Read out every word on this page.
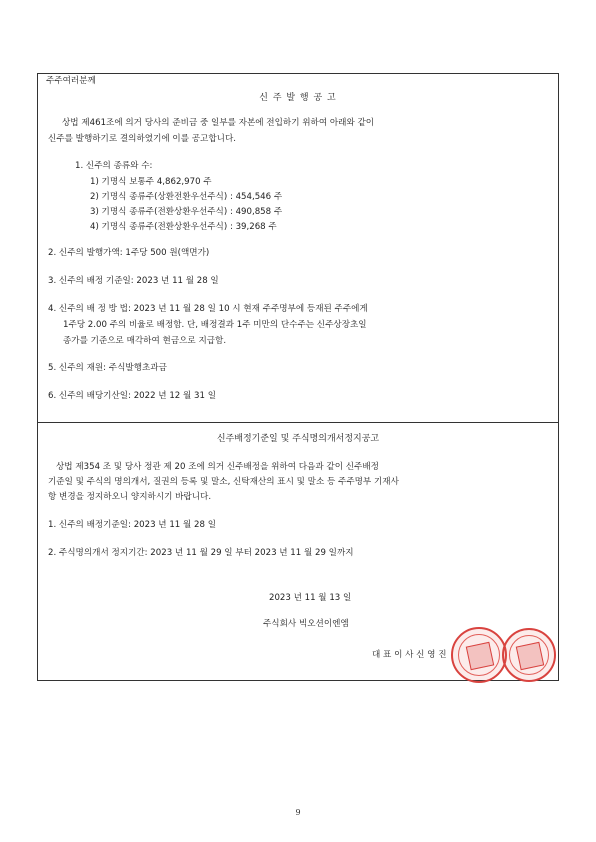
주주여러분께
신 주 발 행 공 고
상법 제461조에 의거 당사의 준비금 중 일부를 자본에 전입하기 위하여 아래와 같이
신주를 발행하기로 결의하였기에 이를 공고합니다.
1. 신주의 종류와 수:
1) 기명식 보통주 4,862,970 주
2) 기명식 종류주(상환전환우선주식) : 454,546 주
3) 기명식 종류주(전환상환우선주식) : 490,858 주
4) 기명식 종류주(전환상환우선주식) : 39,268 주
2. 신주의 발행가액: 1주당 500 원(액면가)
3. 신주의 배정 기준일: 2023 년 11 월 28 일
4. 신주의 배 정 방 법: 2023 년 11 월 28 일 10 시 현재 주주명부에 등재된 주주에게
1주당 2.00 주의 비율로 배정함. 단, 배정결과 1주 미만의 단수주는 신주상장초일
종가를 기준으로 매각하여 현금으로 지급함.
5. 신주의 재원: 주식발행초과금
6. 신주의 배당기산일: 2022 년 12 월 31 일
신주배정기준일 및 주식명의개서정지공고
상법 제354 조 및 당사 정관 제 20 조에 의거 신주배정을 위하여 다음과 같이 신주배정
기준일 및 주식의 명의개서, 질권의 등록 및 말소, 신탁재산의 표시 및 말소 등 주주명부 기재사
항 변경을 정지하오니 양지하시기 바랍니다.
1. 신주의 배정기준일: 2023 년 11 월 28 일
2. 주식명의개서 정지기간: 2023 년 11 월 29 일 부터 2023 년 11 월 29 일까지
2023 년 11 월 13 일
주식회사 빅오션이엔엠
대 표 이 사 신 영 진
9
